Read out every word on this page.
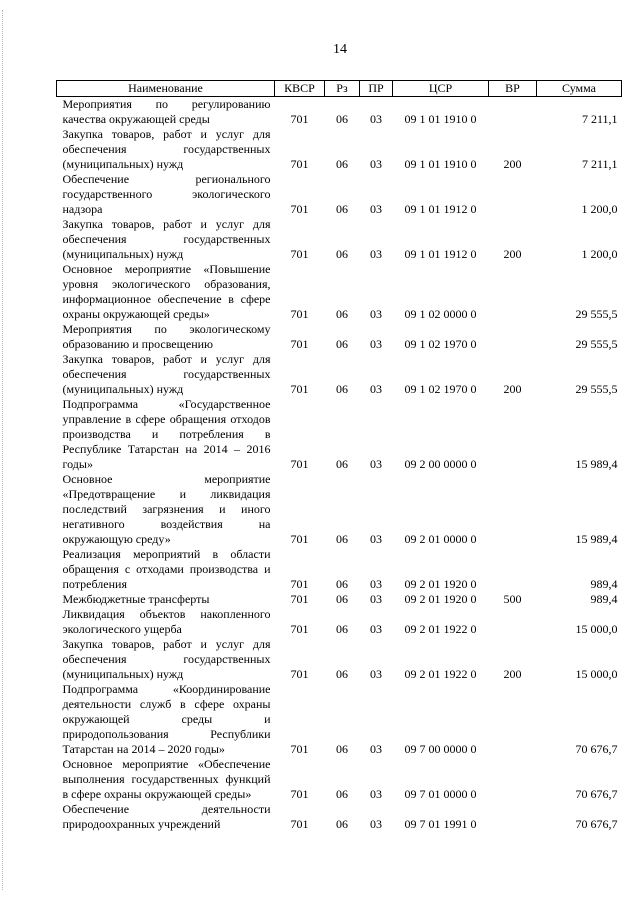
14
Наименование	КВСР	Рз	ПР	ЦСР	ВР	Сумма
Мероприятия по регулированию качества окружающей среды	701	06	03	09 1 01 1910 0		7 211,1
Закупка товаров, работ и услуг для обеспечения государственных (муниципальных) нужд	701	06	03	09 1 01 1910 0	200	7 211,1
Обеспечение регионального государственного экологического надзора	701	06	03	09 1 01 1912 0		1 200,0
Закупка товаров, работ и услуг для обеспечения государственных (муниципальных) нужд	701	06	03	09 1 01 1912 0	200	1 200,0
Основное мероприятие «Повышение уровня экологического образования, информационное обеспечение в сфере охраны окружающей среды»	701	06	03	09 1 02 0000 0		29 555,5
Мероприятия по экологическому образованию и просвещению	701	06	03	09 1 02 1970 0		29 555,5
Закупка товаров, работ и услуг для обеспечения государственных (муниципальных) нужд	701	06	03	09 1 02 1970 0	200	29 555,5
Подпрограмма «Государственное управление в сфере обращения отходов производства и потребления в Республике Татарстан на 2014 – 2016 годы»	701	06	03	09 2 00 0000 0		15 989,4
Основное мероприятие «Предотвращение и ликвидация последствий загрязнения и иного негативного воздействия на окружающую среду»	701	06	03	09 2 01 0000 0		15 989,4
Реализация мероприятий в области обращения с отходами производства и потребления	701	06	03	09 2 01 1920 0		989,4
Межбюджетные трансферты	701	06	03	09 2 01 1920 0	500	989,4
Ликвидация объектов накопленного экологического ущерба	701	06	03	09 2 01 1922 0		15 000,0
Закупка товаров, работ и услуг для обеспечения государственных (муниципальных) нужд	701	06	03	09 2 01 1922 0	200	15 000,0
Подпрограмма «Координирование деятельности служб в сфере охраны окружающей среды и природопользования Республики Татарстан на 2014 – 2020 годы»	701	06	03	09 7 00 0000 0		70 676,7
Основное мероприятие «Обеспечение выполнения государственных функций в сфере охраны окружающей среды»	701	06	03	09 7 01 0000 0		70 676,7
Обеспечение деятельности природоохранных учреждений	701	06	03	09 7 01 1991 0		70 676,7
